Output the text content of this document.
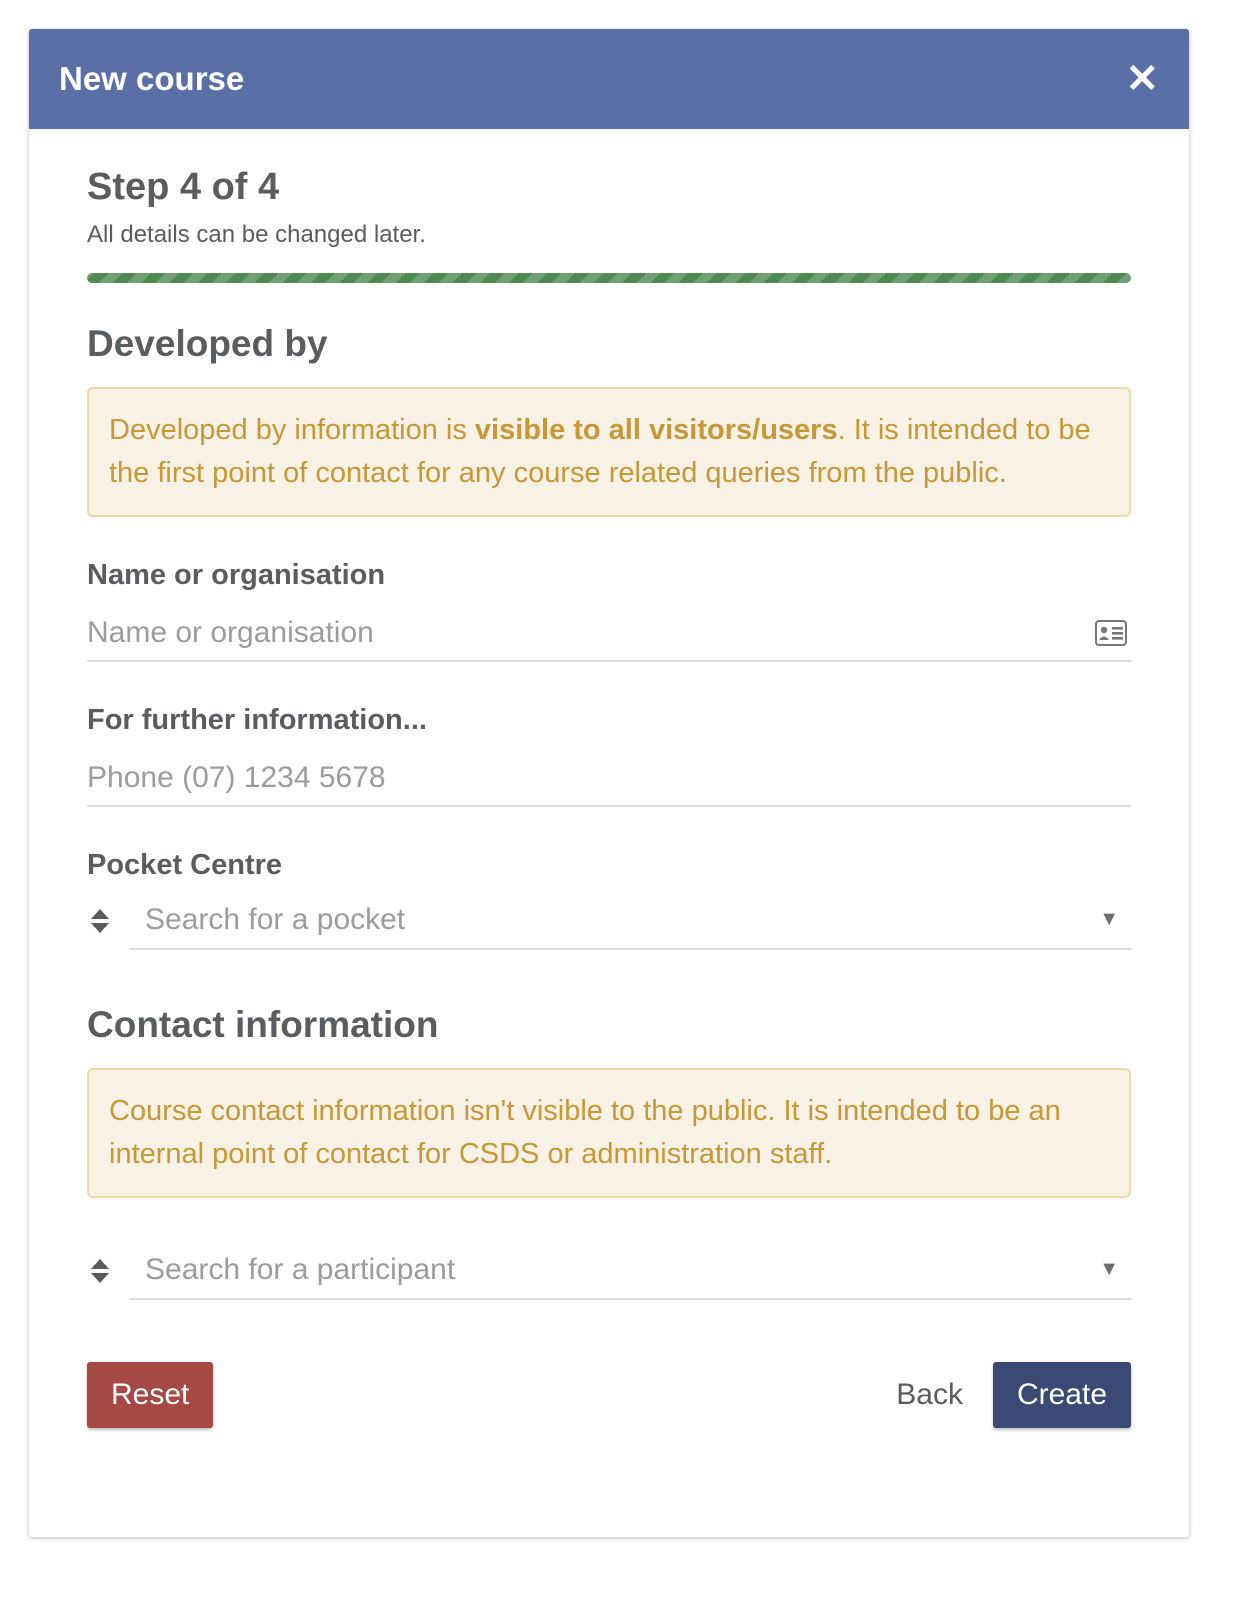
New course	✕
Step 4 of 4
All details can be changed later.
Developed by
Developed by information is visible to all visitors/users. It is intended to be the first point of contact for any course related queries from the public.
Name or organisation
Name or organisation
For further information...
Phone (07) 1234 5678
Pocket Centre
Search for a pocket	▼
Contact information
Course contact information isn't visible to the public. It is intended to be an internal point of contact for CSDS or administration staff.
Search for a participant	▼
Reset	Back	Create
